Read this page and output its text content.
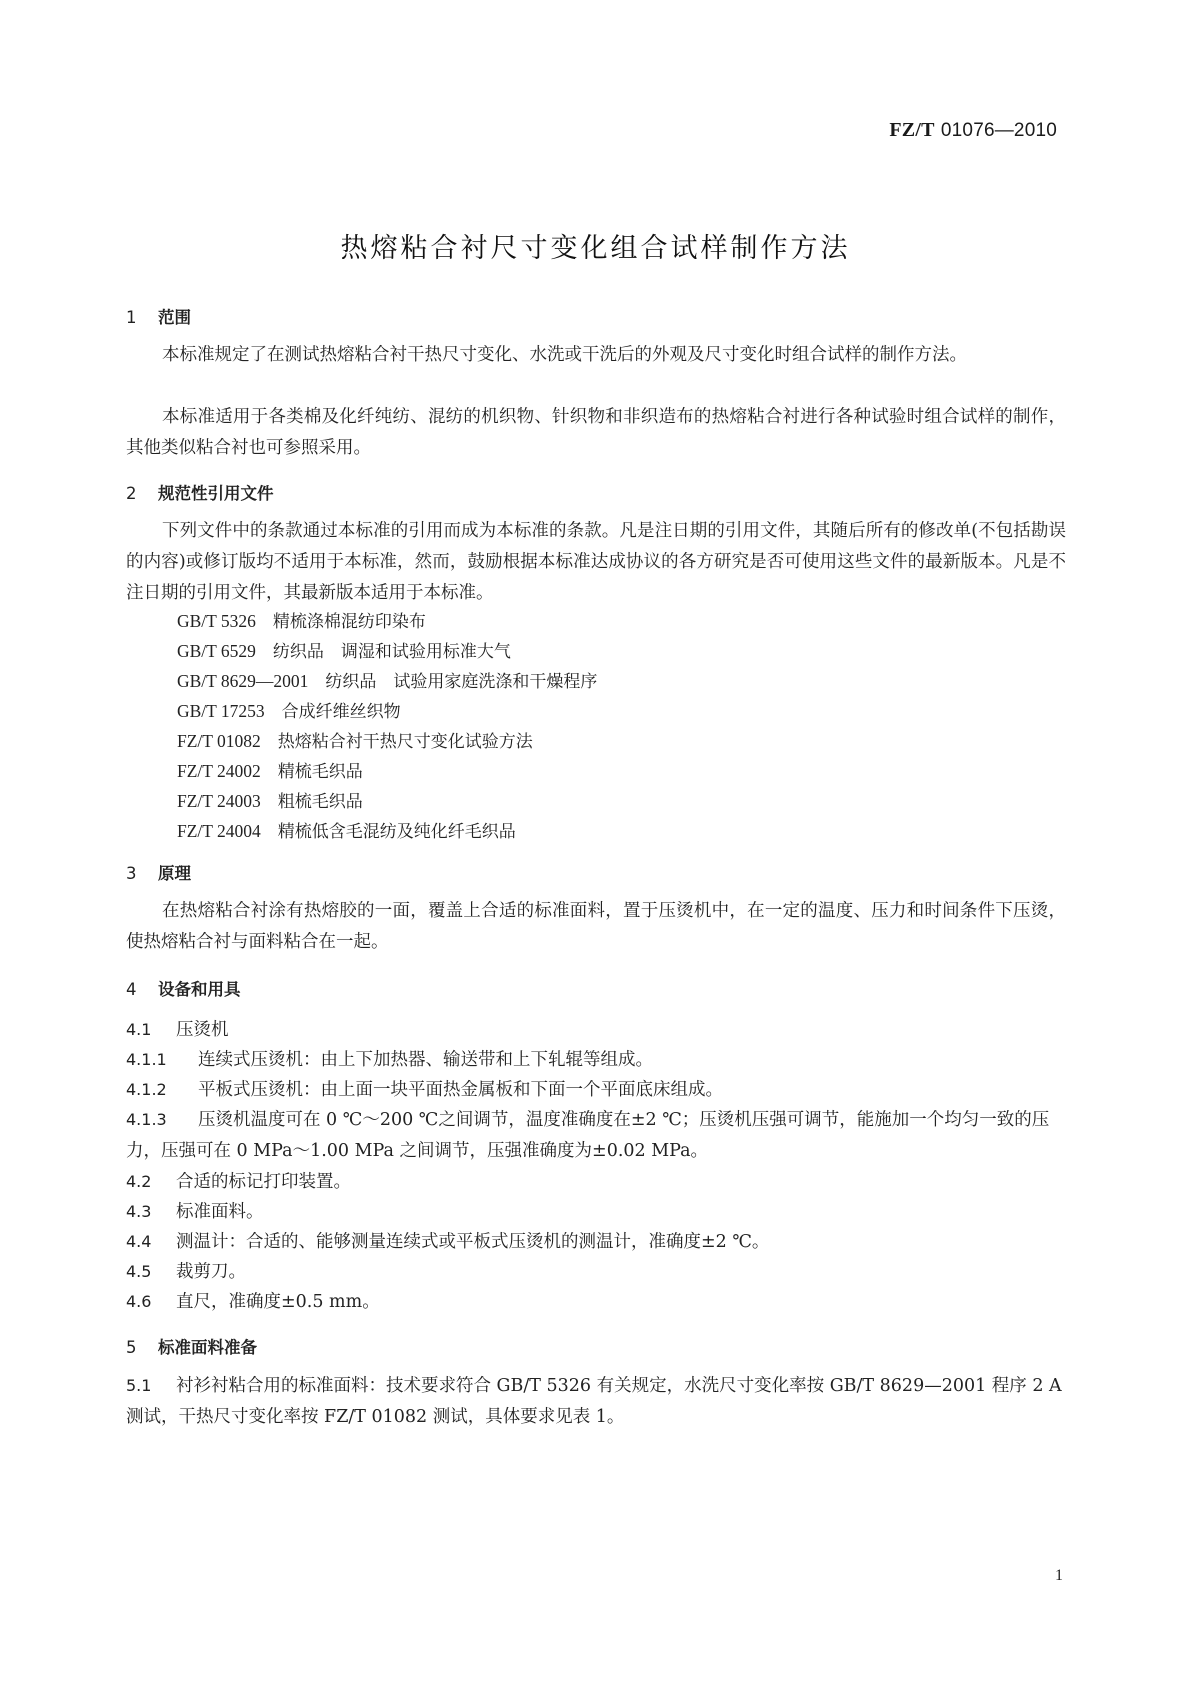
FZ/T 01076—2010
热熔粘合衬尺寸变化组合试样制作方法
1 范围
本标准规定了在测试热熔粘合衬干热尺寸变化、水洗或干洗后的外观及尺寸变化时组合试样的制作方法。
本标准适用于各类棉及化纤纯纺、混纺的机织物、针织物和非织造布的热熔粘合衬进行各种试验时组合试样的制作，其他类似粘合衬也可参照采用。
2 规范性引用文件
下列文件中的条款通过本标准的引用而成为本标准的条款。凡是注日期的引用文件，其随后所有的修改单(不包括勘误的内容)或修订版均不适用于本标准，然而，鼓励根据本标准达成协议的各方研究是否可使用这些文件的最新版本。凡是不注日期的引用文件，其最新版本适用于本标准。
GB/T 5326　 精梳涤棉混纺印染布
GB/T 6529　 纺织品　调湿和试验用标准大气
GB/T 8629—2001　 纺织品　试验用家庭洗涤和干燥程序
GB/T 17253　 合成纤维丝织物
FZ/T 01082　 热熔粘合衬干热尺寸变化试验方法
FZ/T 24002　 精梳毛织品
FZ/T 24003　 粗梳毛织品
FZ/T 24004　 精梳低含毛混纺及纯化纤毛织品
3 原理
在热熔粘合衬涂有热熔胶的一面，覆盖上合适的标准面料，置于压烫机中，在一定的温度、压力和时间条件下压烫，使热熔粘合衬与面料粘合在一起。
4 设备和用具
4.1 压烫机
4.1.1 连续式压烫机：由上下加热器、输送带和上下轧辊等组成。
4.1.2 平板式压烫机：由上面一块平面热金属板和下面一个平面底床组成。
4.1.3 压烫机温度可在 0 ℃～200 ℃之间调节，温度准确度在±2 ℃；压烫机压强可调节，能施加一个均匀一致的压力，压强可在 0 MPa～1.00 MPa 之间调节，压强准确度为±0.02 MPa。
4.2 合适的标记打印装置。
4.3 标准面料。
4.4 测温计：合适的、能够测量连续式或平板式压烫机的测温计，准确度±2 ℃。
4.5 裁剪刀。
4.6 直尺，准确度±0.5 mm。
5 标准面料准备
5.1 衬衫衬粘合用的标准面料：技术要求符合 GB/T 5326 有关规定，水洗尺寸变化率按 GB/T 8629—2001 程序 2 A 测试，干热尺寸变化率按 FZ/T 01082 测试，具体要求见表 1。
1
